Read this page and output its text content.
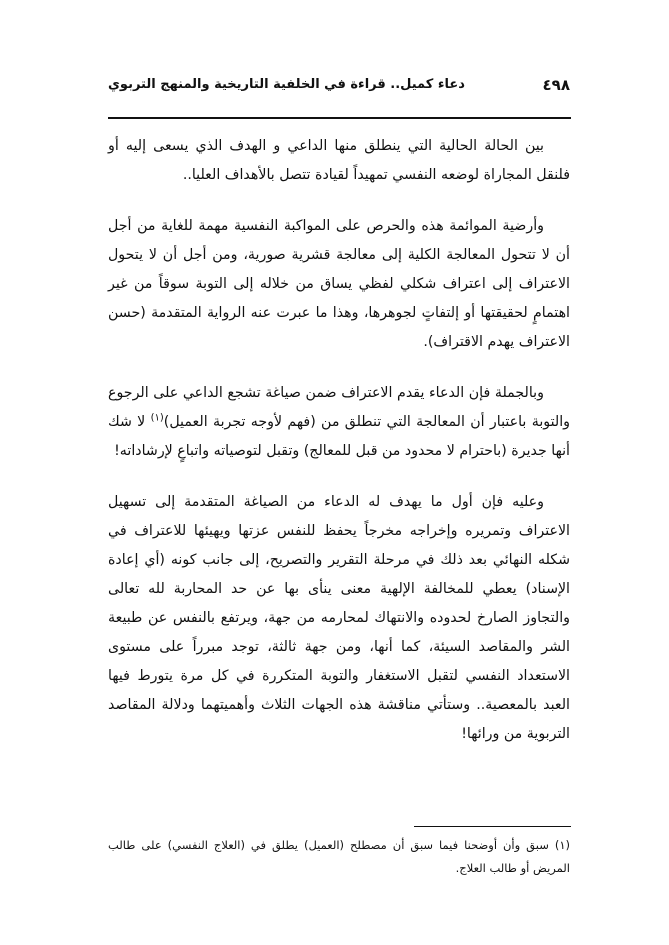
٤٩٨
دعاء كميل.. قراءة في الخلفية التاريخية والمنهج التربوي

بين الحالة الحالية التي ينطلق منها الداعي و الهدف الذي يسعى إليه أو فلنقل المجاراة لوضعه النفسي تمهيداً لقيادة تتصل بالأهداف العليا..

وأرضية الموائمة هذه والحرص على المواكبة النفسية مهمة للغاية من أجل أن لا تتحول المعالجة الكلية إلى معالجة قشرية صورية، ومن أجل أن لا يتحول الاعتراف إلى اعتراف شكلي لفظي يساق من خلاله إلى التوبة سوقاً من غير اهتمامٍ لحقيقتها أو إلتفاتٍ لجوهرها، وهذا ما عبرت عنه الرواية المتقدمة (حسن الاعتراف يهدم الاقتراف).

وبالجملة فإن الدعاء يقدم الاعتراف ضمن صياغة تشجع الداعي على الرجوع والتوبة باعتبار أن المعالجة التي تنطلق من (فهم لأوجه تجربة العميل)$^{(١)}$ لا شك أنها جديرة (باحترام لا محدود من قبل للمعالج) وتقبل لتوصياته واتباعٍ لإرشاداته!

وعليه فإن أول ما يهدف له الدعاء من الصياغة المتقدمة إلى تسهيل الاعتراف وتمريره وإخراجه مخرجاً يحفظ للنفس عزتها ويهيئها للاعتراف في شكله النهائي بعد ذلك في مرحلة التقرير والتصريح، إلى جانب كونه (أي إعادة الإسناد) يعطي للمخالفة الإلهية معنى ينأى بها عن حد المحاربة لله تعالى والتجاوز الصارخ لحدوده والانتهاك لمحارمه من جهة، ويرتفع بالنفس عن طبيعة الشر والمقاصد السيئة، كما أنها، ومن جهة ثالثة، توجد مبرراً على مستوى الاستعداد النفسي لتقبل الاستغفار والتوبة المتكررة في كل مرة يتورط فيها العبد بالمعصية.. وستأتي مناقشة هذه الجهات الثلاث وأهميتهما ودلالة المقاصد التربوية من ورائها!

(١) سبق وأن أوضحنا فيما سبق أن مصطلح (العميل) يطلق في (العلاج النفسي) على طالب المريض أو طالب العلاج.
